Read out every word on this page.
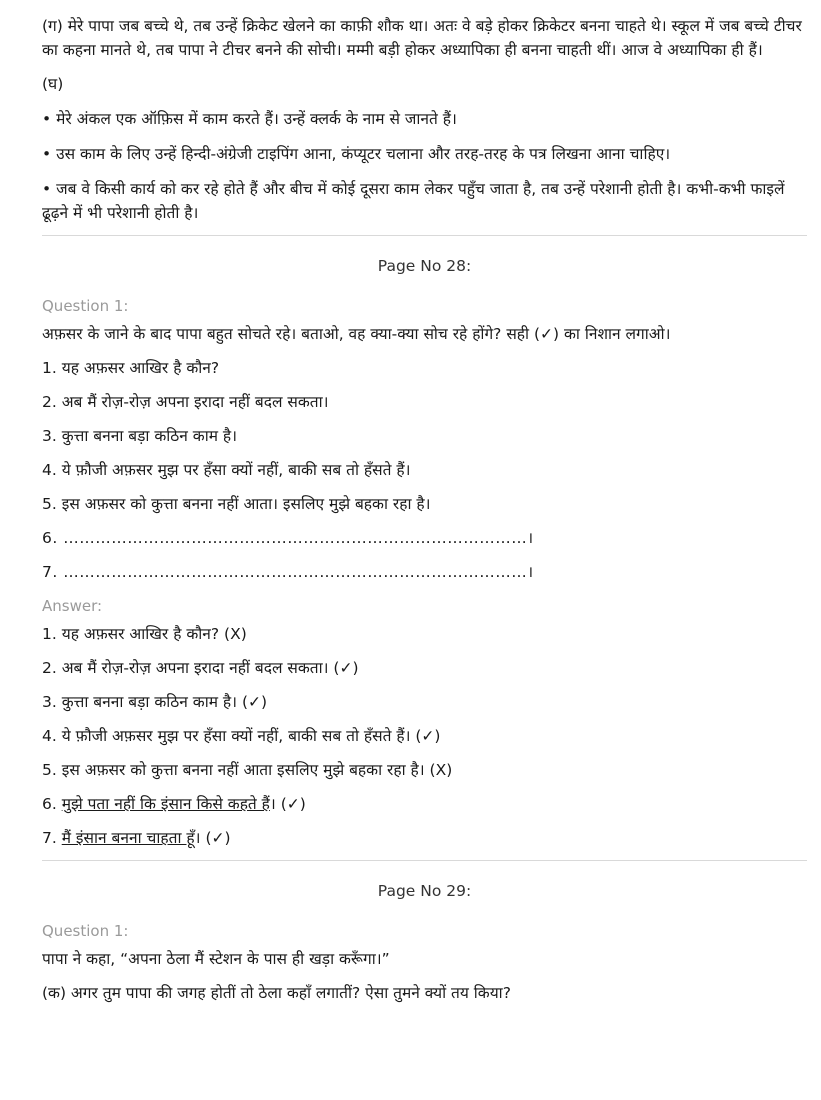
(ग) मेरे पापा जब बच्चे थे, तब उन्हें क्रिकेट खेलने का काफ़ी शौक था। अतः वे बड़े होकर क्रिकेटर बनना चाहते थे। स्कूल में जब बच्चे टीचर का कहना मानते थे, तब पापा ने टीचर बनने की सोची। मम्मी बड़ी होकर अध्यापिका ही बनना चाहती थीं। आज वे अध्यापिका ही हैं।

(घ)

• मेरे अंकल एक ऑफ़िस में काम करते हैं। उन्हें क्लर्क के नाम से जानते हैं।

• उस काम के लिए उन्हें हिन्दी-अंग्रेजी टाइपिंग आना, कंप्यूटर चलाना और तरह-तरह के पत्र लिखना आना चाहिए।

• जब वे किसी कार्य को कर रहे होते हैं और बीच में कोई दूसरा काम लेकर पहुँच जाता है, तब उन्हें परेशानी होती है। कभी-कभी फाइलें ढूढ़ने में भी परेशानी होती है।

Page No 28:
Question 1:
अफ़सर के जाने के बाद पापा बहुत सोचते रहे। बताओ, वह क्या-क्या सोच रहे होंगे? सही (✓) का निशान लगाओ।
1. यह अफ़सर आखिर है कौन?
2. अब मैं रोज़-रोज़ अपना इरादा नहीं बदल सकता।
3. कुत्ता बनना बड़ा कठिन काम है।
4. ये फ़ौजी अफ़सर मुझ पर हँसा क्यों नहीं, बाकी सब तो हँसते हैं।
5. इस अफ़सर को कुत्ता बनना नहीं आता। इसलिए मुझे बहका रहा है।
6. ……………………………………………………………………………।
7. ……………………………………………………………………………।
Answer:
1. यह अफ़सर आखिर है कौन? (X)
2. अब मैं रोज़-रोज़ अपना इरादा नहीं बदल सकता। (✓)
3. कुत्ता बनना बड़ा कठिन काम है। (✓)
4. ये फ़ौजी अफ़सर मुझ पर हँसा क्यों नहीं, बाकी सब तो हँसते हैं। (✓)
5. इस अफ़सर को कुत्ता बनना नहीं आता इसलिए मुझे बहका रहा है। (X)
6. मुझे पता नहीं कि इंसान किसे कहते हैं। (✓)
7. मैं इंसान बनना चाहता हूँ। (✓)
Page No 29:
Question 1:
पापा ने कहा, “अपना ठेला मैं स्टेशन के पास ही खड़ा करूँगा।”
(क) अगर तुम पापा की जगह होतीं तो ठेला कहाँ लगातीं? ऐसा तुमने क्यों तय किया?
